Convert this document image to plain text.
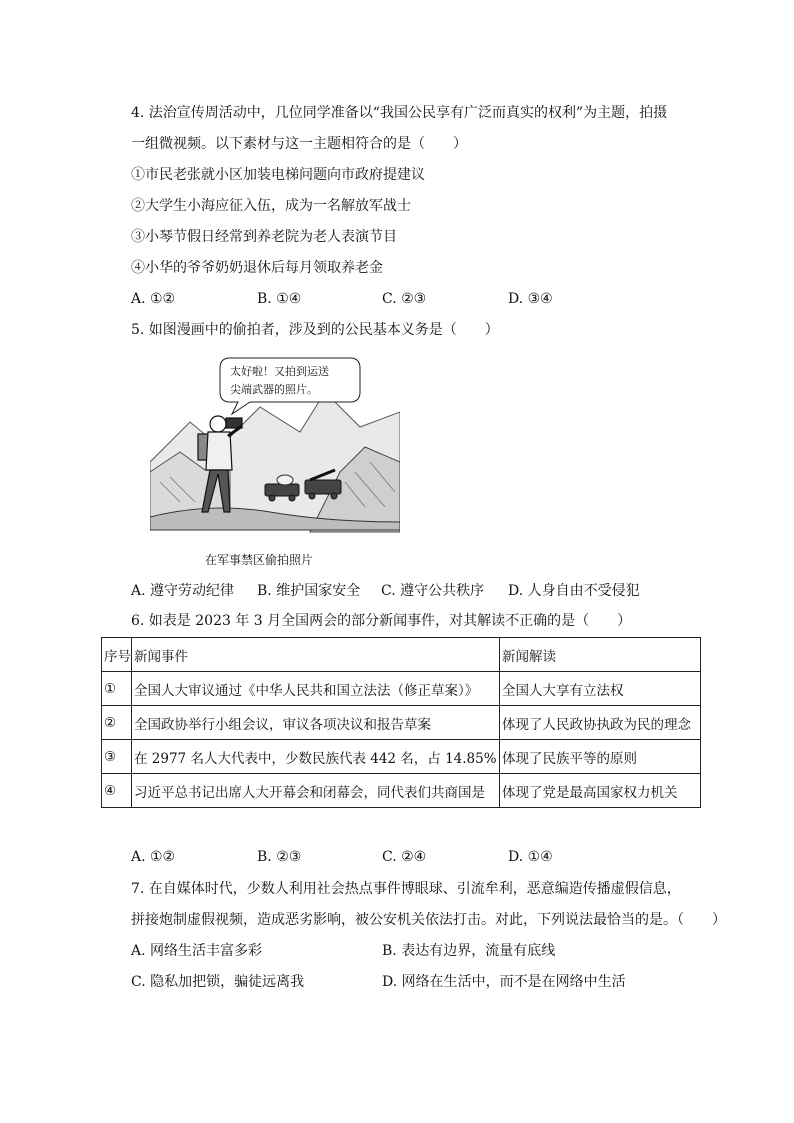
4. 法治宣传周活动中，几位同学准备以“我国公民享有广泛而真实的权利”为主题，拍摄
一组微视频。以下素材与这一主题相符合的是（　　）
①市民老张就小区加装电梯问题向市政府提建议
②大学生小海应征入伍，成为一名解放军战士
③小琴节假日经常到养老院为老人表演节目
④小华的爷爷奶奶退休后每月领取养老金
A. ①②	B. ①④	C. ②③	D. ③④
5. 如图漫画中的偷拍者，涉及到的公民基本义务是（　　）
太好啦！又拍到运送
尖端武器的照片。
在军事禁区偷拍照片
A. 遵守劳动纪律 B. 维护国家安全 C. 遵守公共秩序 D. 人身自由不受侵犯
6. 如表是 2023 年 3 月全国两会的部分新闻事件，对其解读不正确的是（　　）
序号	新闻事件	新闻解读
①	全国人大审议通过《中华人民共和国立法法（修正草案）》	全国人大享有立法权
②	全国政协举行小组会议，审议各项决议和报告草案	体现了人民政协执政为民的理念
③	在 2977 名人大代表中，少数民族代表 442 名，占 14.85%	体现了民族平等的原则
④	习近平总书记出席人大开幕会和闭幕会，同代表们共商国是	体现了党是最高国家权力机关
A. ①②	B. ②③	C. ②④	D. ①④
7. 在自媒体时代，少数人利用社会热点事件博眼球、引流牟利，恶意编造传播虚假信息，
拼接炮制虚假视频，造成恶劣影响，被公安机关依法打击。对此，下列说法最恰当的是。（　　）
A. 网络生活丰富多彩	B. 表达有边界，流量有底线
C. 隐私加把锁，骗徒远离我	D. 网络在生活中，而不是在网络中生活
